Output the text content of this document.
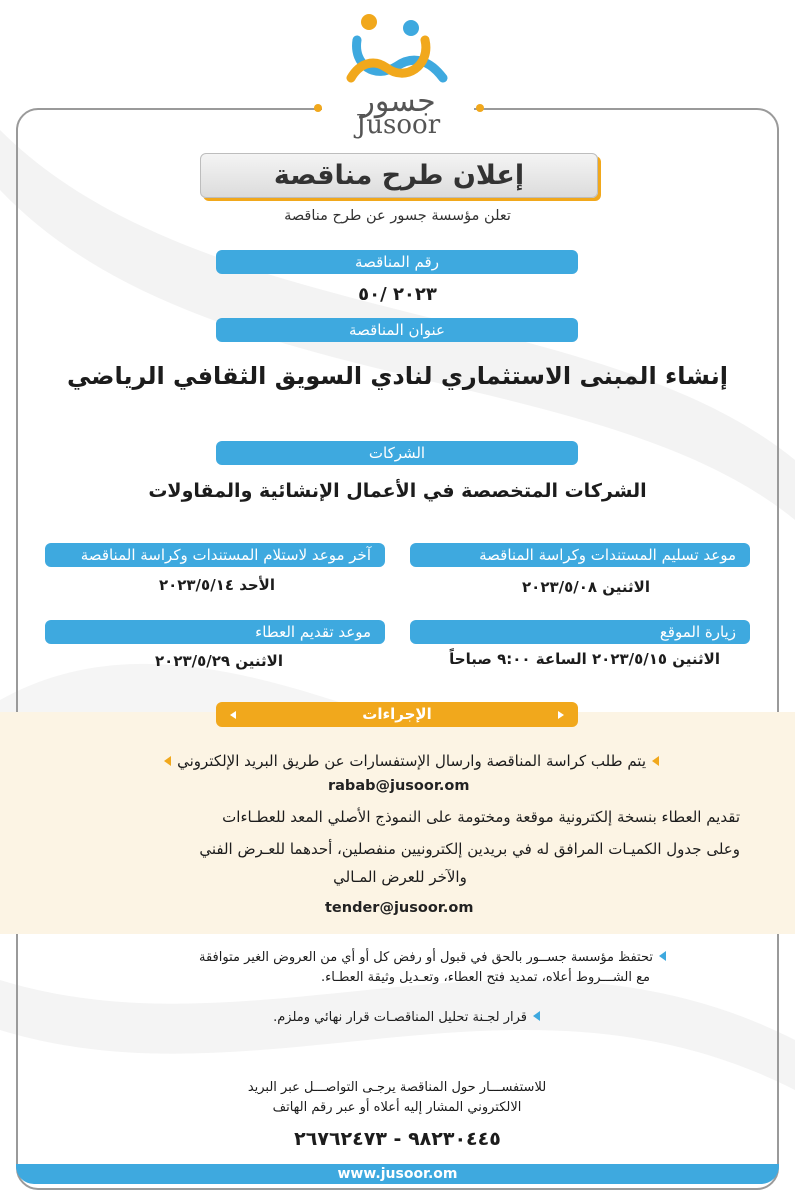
جسور
Jusoor
إعلان طرح مناقصة
تعلن مؤسسة جسور عن طرح مناقصة
رقم المناقصة
٢٠٢٣ /٥٠
عنوان المناقصة
إنشاء المبنى الاستثماري لنادي السويق الثقافي الرياضي
الشركات
الشركات المتخصصة في الأعمال الإنشائية والمقاولات
موعد تسليم المستندات وكراسة المناقصة
الاثنين ٢٠٢٣/٥/٠٨
آخر موعد لاستلام المستندات وكراسة المناقصة
الأحد ٢٠٢٣/٥/١٤
زيارة الموقع
الاثنين ٢٠٢٣/٥/١٥ الساعة ٩:٠٠ صباحاً
موعد تقديم العطاء
الاثنين ٢٠٢٣/٥/٢٩
الإجراءات
يتم طلب كراسة المناقصة وارسال الإستفسارات عن طريق البريد الإلكتروني
rabab@jusoor.om
تقديم العطاء بنسخة إلكترونية موقعة ومختومة على النموذج الأصلي المعد للعطـاءات
وعلى جدول الكميـات المرافق له في بريدين إلكترونيين منفصلين، أحدهما للعـرض الفني
والآخر للعرض المـالي
tender@jusoor.om
تحتفظ مؤسسة جســور بالحق في قبول أو رفض كل أو أي من العروض الغير متوافقة
مع الشـــروط أعلاه، تمديد فتح العطاء، وتعـديل وثيقة العطـاء.
قرار لجـنة تحليل المناقصـات قرار نهائي وملزم.
للاستفســـار حول المناقصة يرجـى التواصـــل عبر البريد
الالكتروني المشار إليه أعلاه أو عبر رقم الهاتف
٩٨٢٣٠٤٤٥ - ٢٦٧٦٢٤٧٣
www.jusoor.om
